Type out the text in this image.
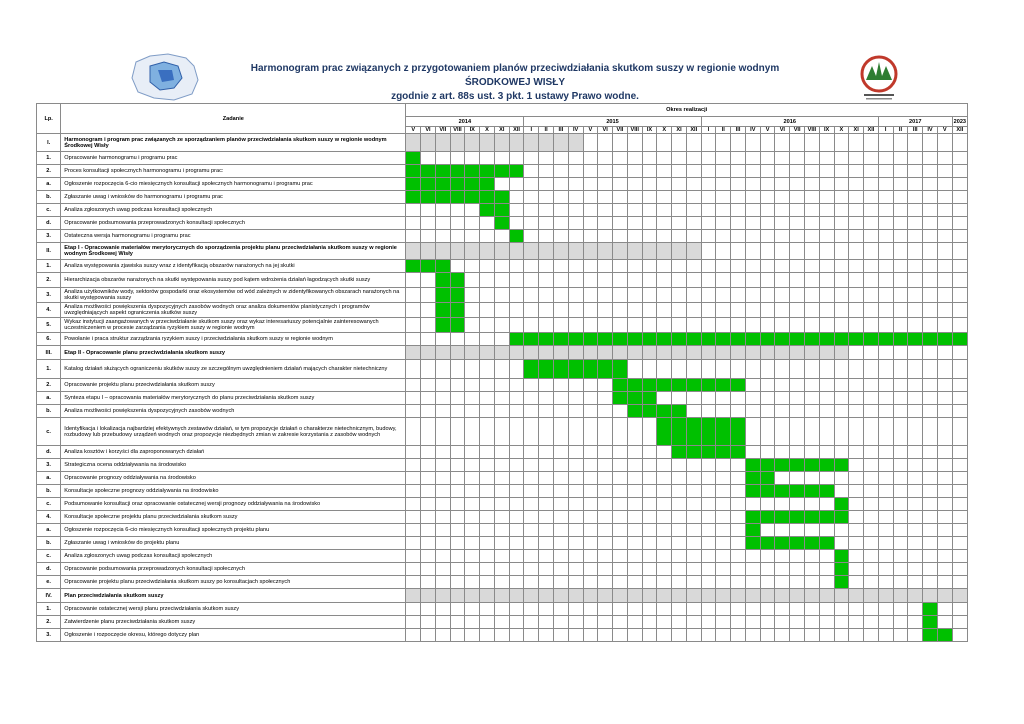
Harmonogram prac związanych z przygotowaniem planów przeciwdziałania skutkom suszy w regionie wodnym ŚRODKOWEJ WISŁY
zgodnie z art. 88s ust. 3 pkt. 1 ustawy Prawo wodne.
Lp.	Zadanie	Okres realizacji																																					
		2014								2015												2016												2017					2023
		V	VI	VII	VIII	IX	X	XI	XII	I	II	III	IV	V	VI	VII	VIII	IX	X	XI	XII	I	II	III	IV	V	VI	VII	VIII	IX	X	XI	XII	I	II	III	IV	V	XII
I.	Harmonogram i program prac związanych ze sporządzaniem planów przeciwdziałania skutkom suszy w regionie wodnym Środkowej Wisły																																						
1.	Opracowanie harmonogramu i programu prac																																						
2.	Proces konsultacji społecznych harmonogramu i programu prac:																																						
a.	Ogłoszenie rozpoczęcia 6-cio miesięcznych konsultacji społecznych harmonogramu i programu prac																																						
b.	Zgłaszanie uwag i wniosków do harmonogramu i programu prac																																						
c.	Analiza zgłoszonych uwag podczas konsultacji społecznych																																						
d.	Opracowanie podsumowania przeprowadzonych konsultacji społecznych																																						
3.	Ostateczna wersja harmonogramu i programu prac																																						
II.	Etap I - Opracowanie materiałów merytorycznych do sporządzenia projektu planu przeciwdziałania skutkom suszy w regionie wodnym Środkowej Wisły																																						
1.	Analiza występowania zjawiska suszy wraz z identyfikacją obszarów narażonych na jej skutki																																						
2.	Hierarchizacja obszarów narażonych na skutki występowania suszy pod kątem wdrożenia działań łagodzących skutki suszy																																						
3.	Analiza użytkowników wody, sektorów gospodarki oraz ekosystemów od wód zależnych w zidentyfikowanych obszarach narażonych na skutki występowania suszy																																						
4.	Analiza możliwości powiększenia dyspozycyjnych zasobów wodnych oraz analiza dokumentów planistycznych i programów uwzględniających aspekt ograniczenia skutków suszy																																						
5.	Wykaz instytucji zaangażowanych w przeciwdziałanie skutkom suszy oraz wykaz interesariuszy potencjalnie zainteresowanych uczestniczeniem w procesie zarządzania ryzykiem suszy w regionie wodnym																																						
6.	Powołanie i praca struktur zarządzania ryzykiem suszy i przeciwdziałania skutkom suszy w regionie wodnym																																						
III.	Etap II - Opracowanie planu przeciwdziałania skutkom suszy																																						
1.	Katalog działań służących ograniczeniu skutków suszy ze szczególnym uwzględnieniem działań mających charakter nietechniczny																																						
2.	Opracowanie projektu planu przeciwdziałania skutkom suszy																																						
a.	Synteza etapu I – opracowania materiałów merytorycznych do planu przeciwdziałania skutkom suszy																																						
b.	Analiza możliwości powiększenia dyspozycyjnych zasobów wodnych																																						
c.	Identyfikacja i lokalizacja najbardziej efektywnych zestawów działań, w tym propozycje działań o charakterze nietechnicznym, budowy, rozbudowy lub przebudowy urządzeń wodnych oraz propozycje niezbędnych zmian w zakresie korzystania z zasobów wodnych																																						
d.	Analiza kosztów i korzyści dla zaproponowanych działań																																						
3.	Strategiczna ocena oddziaływania na środowisko																																						
a.	Opracowanie prognozy oddziaływania na środowisko																																						
b.	Konsultacje społeczne prognozy oddziaływania na środowisko																																						
c.	Podsumowanie konsultacji oraz opracowanie ostatecznej wersji prognozy oddziaływania na środowisko																																						
4.	Konsultacje społeczne projektu planu przeciwdziałania skutkom suszy																																						
a.	Ogłoszenie rozpoczęcia 6-cio miesięcznych konsultacji społecznych projektu planu																																						
b.	Zgłaszanie uwag i wniosków do projektu planu																																						
c.	Analiza zgłoszonych uwag podczas konsultacji społecznych																																						
d.	Opracowanie podsumowania przeprowadzonych konsultacji społecznych																																						
e.	Opracowanie projektu planu przeciwdziałania skutkom suszy po konsultacjach społecznych																																						
IV.	Plan przeciwdziałania skutkom suszy																																						
1.	Opracowanie ostatecznej wersji planu przeciwdziałania skutkom suszy																																						
2.	Zatwierdzenie planu przeciwdziałania skutkom suszy																																						
3.	Ogłoszenie i rozpoczęcie okresu, którego dotyczy plan																																						
